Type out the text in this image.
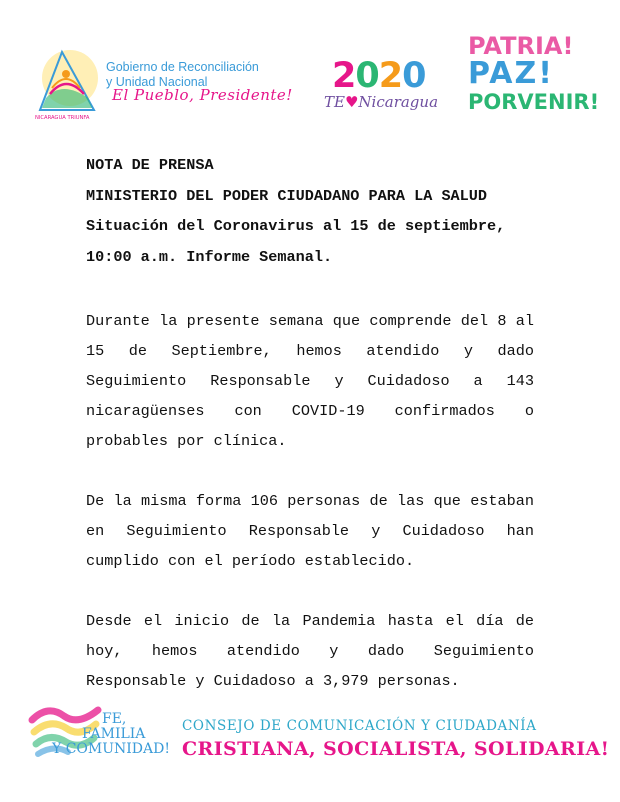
NICARAGUA TRIUNFA
Gobierno de Reconciliación
y Unidad Nacional
El Pueblo, Presidente! 2020
TE♥Nicaragua
PATRIA!
PAZ!
PORVENIR!
NOTA DE PRENSA
MINISTERIO DEL PODER CIUDADANO PARA LA SALUD
Situación del Coronavirus al 15 de septiembre,
10:00 a.m. Informe Semanal.

Durante la presente semana que comprende del 8 al 15 de Septiembre, hemos atendido y dado Seguimiento Responsable y Cuidadoso a 143 nicaragüenses con COVID-19 confirmados o probables por clínica.

De la misma forma 106 personas de las que estaban en Seguimiento Responsable y Cuidadoso han cumplido con el período establecido.

Desde el inicio de la Pandemia hasta el día de hoy, hemos atendido y dado Seguimiento Responsable y Cuidadoso a 3,979 personas.

FE,
FAMILIA
Y COMUNIDAD!
CONSEJO DE COMUNICACIÓN Y CIUDADANÍA
CRISTIANA, SOCIALISTA, SOLIDARIA!
